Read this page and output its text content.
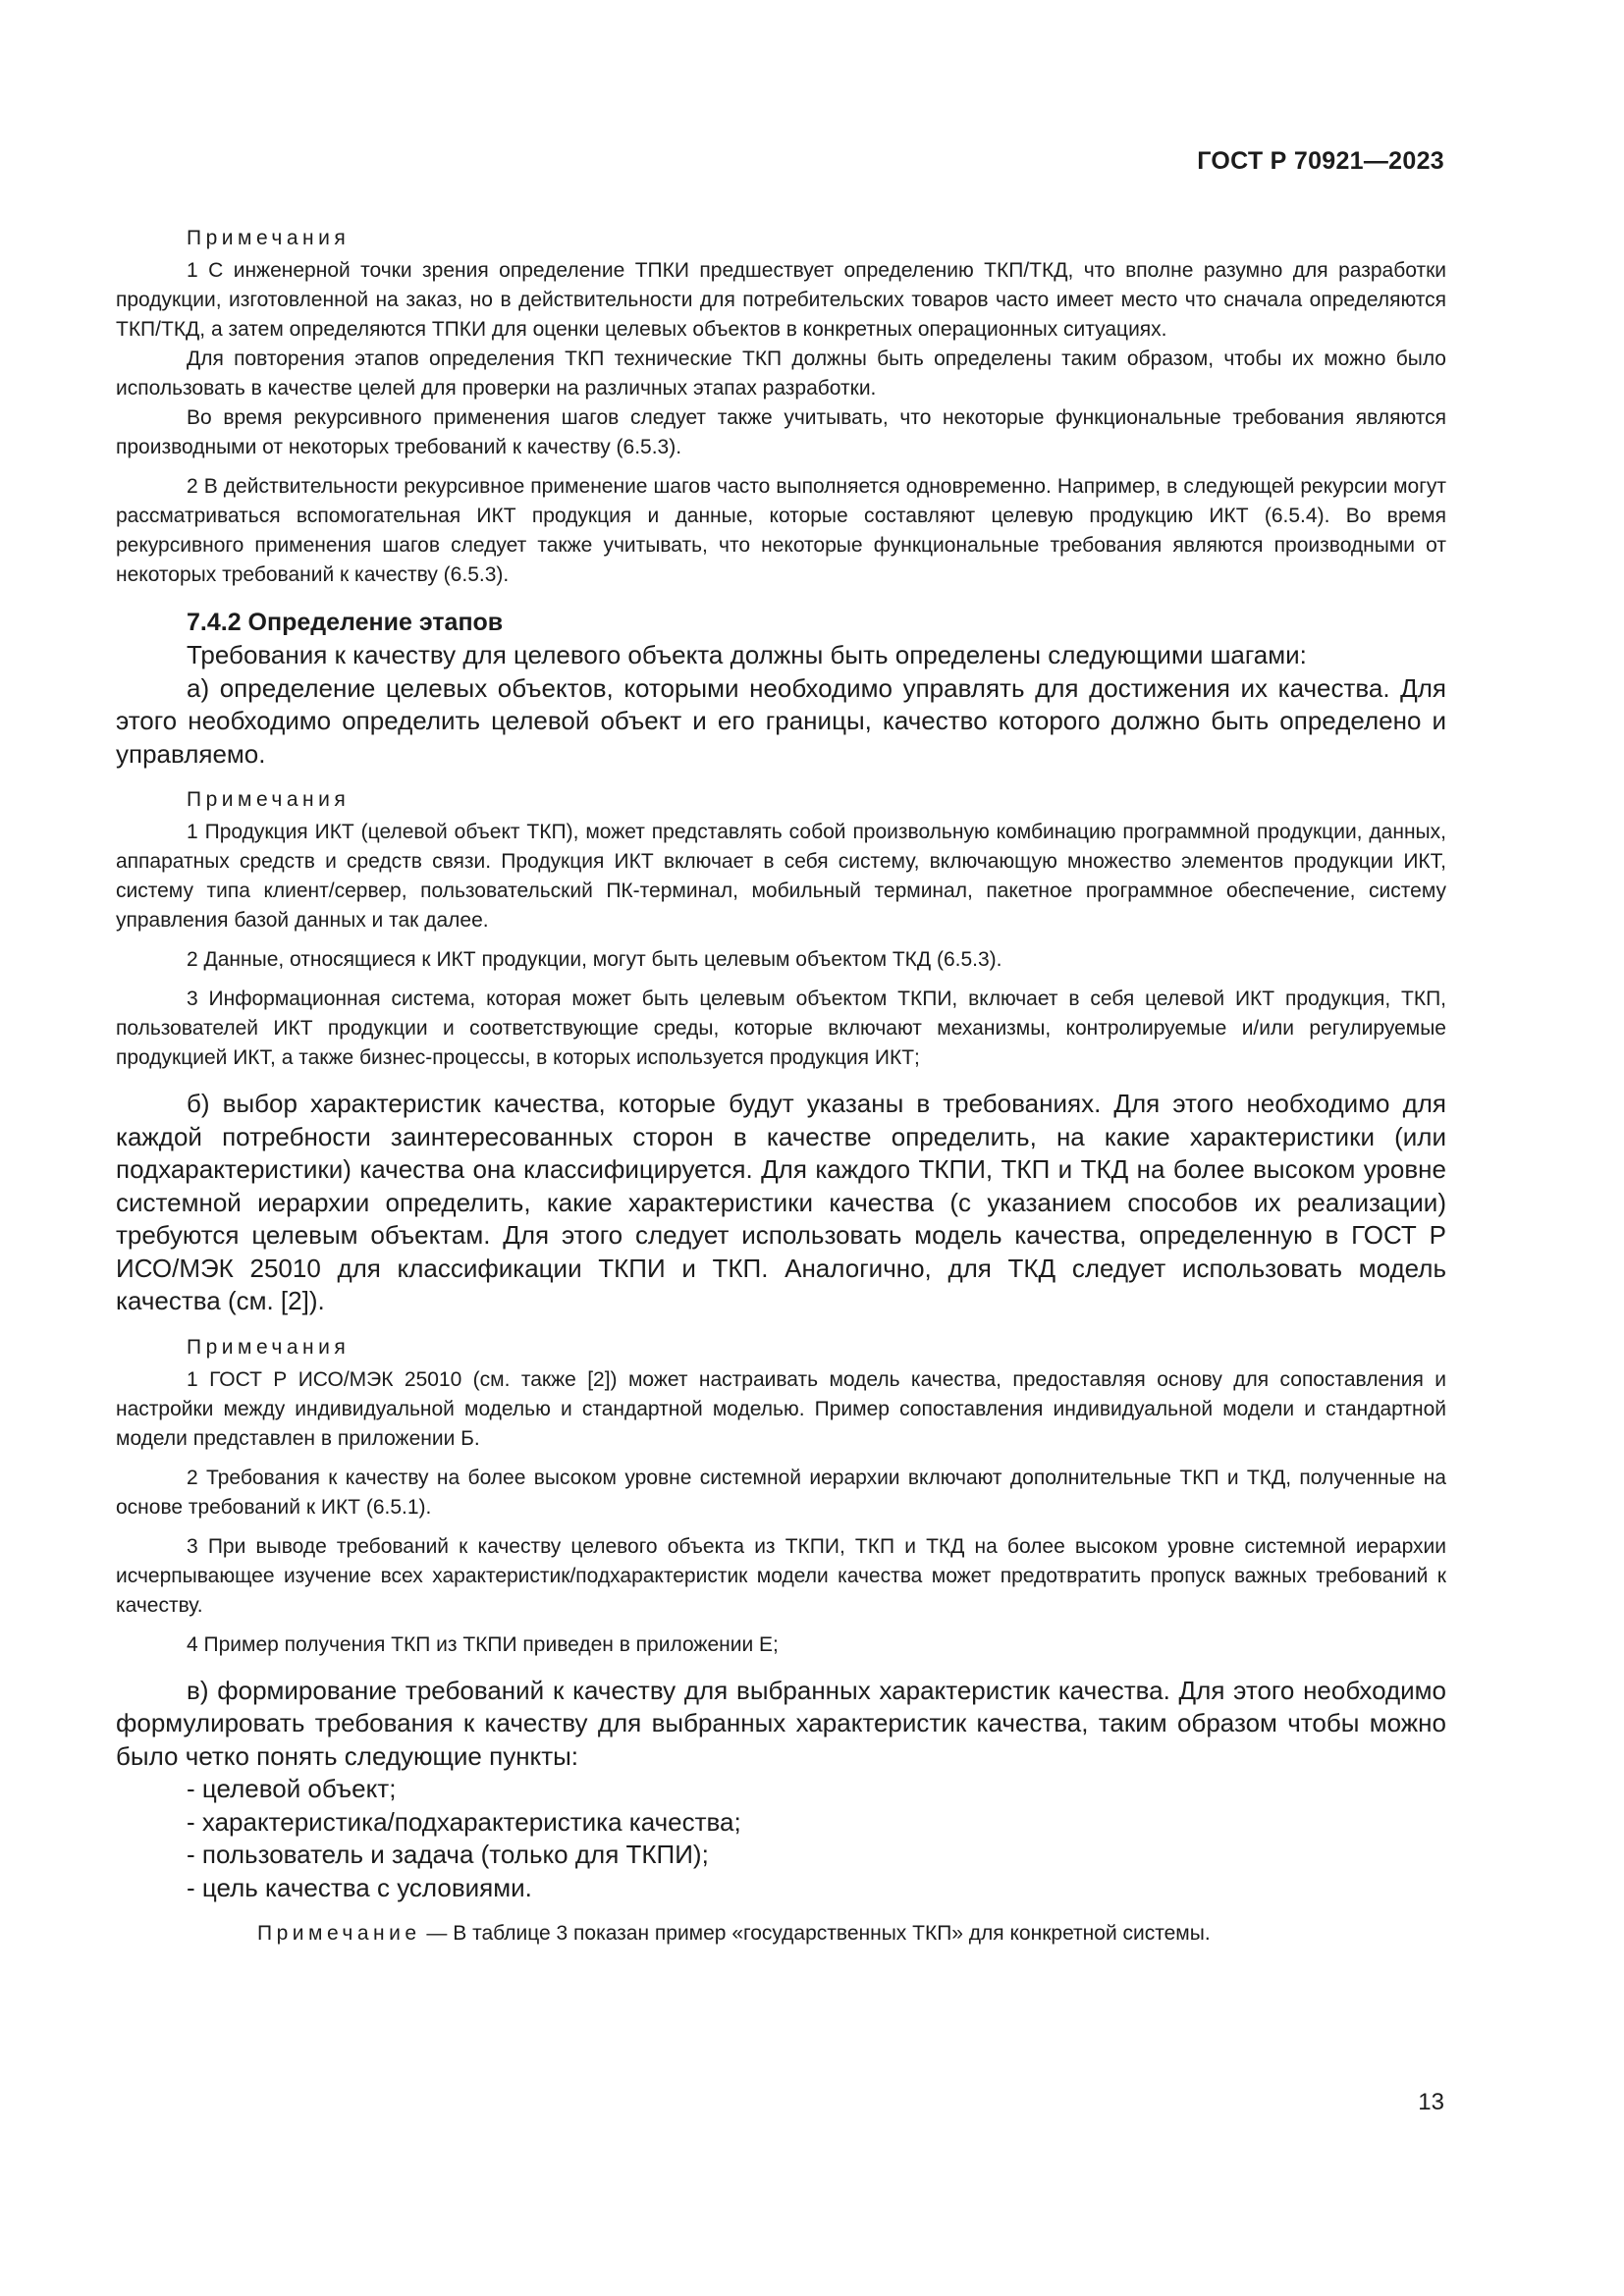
ГОСТ Р 70921—2023
Примечания

1 С инженерной точки зрения определение ТПКИ предшествует определению ТКП/ТКД, что вполне разумно для разработки продукции, изготовленной на заказ, но в действительности для потребительских товаров часто имеет место что сначала определяются ТКП/ТКД, а затем определяются ТПКИ для оценки целевых объектов в конкретных операционных ситуациях.

Для повторения этапов определения ТКП технические ТКП должны быть определены таким образом, чтобы их можно было использовать в качестве целей для проверки на различных этапах разработки.

Во время рекурсивного применения шагов следует также учитывать, что некоторые функциональные требования являются производными от некоторых требований к качеству (6.5.3).

2 В действительности рекурсивное применение шагов часто выполняется одновременно. Например, в следующей рекурсии могут рассматриваться вспомогательная ИКТ продукция и данные, которые составляют целевую продукцию ИКТ (6.5.4). Во время рекурсивного применения шагов следует также учитывать, что некоторые функциональные требования являются производными от некоторых требований к качеству (6.5.3).

7.4.2 Определение этапов

Требования к качеству для целевого объекта должны быть определены следующими шагами:

а) определение целевых объектов, которыми необходимо управлять для достижения их качества. Для этого необходимо определить целевой объект и его границы, качество которого должно быть определено и управляемо.

Примечания

1 Продукция ИКТ (целевой объект ТКП), может представлять собой произвольную комбинацию программной продукции, данных, аппаратных средств и средств связи. Продукция ИКТ включает в себя систему, включающую множество элементов продукции ИКТ, систему типа клиент/сервер, пользовательский ПК-терминал, мобильный терминал, пакетное программное обеспечение, систему управления базой данных и так далее.

2 Данные, относящиеся к ИКТ продукции, могут быть целевым объектом ТКД (6.5.3).

3 Информационная система, которая может быть целевым объектом ТКПИ, включает в себя целевой ИКТ продукция, ТКП, пользователей ИКТ продукции и соответствующие среды, которые включают механизмы, контролируемые и/или регулируемые продукцией ИКТ, а также бизнес-процессы, в которых используется продукция ИКТ;

б) выбор характеристик качества, которые будут указаны в требованиях. Для этого необходимо для каждой потребности заинтересованных сторон в качестве определить, на какие характеристики (или подхарактеристики) качества она классифицируется. Для каждого ТКПИ, ТКП и ТКД на более высоком уровне системной иерархии определить, какие характеристики качества (с указанием способов их реализации) требуются целевым объектам. Для этого следует использовать модель качества, определенную в ГОСТ Р ИСО/МЭК 25010 для классификации ТКПИ и ТКП. Аналогично, для ТКД следует использовать модель качества (см. [2]).

Примечания

1 ГОСТ Р ИСО/МЭК 25010 (см. также [2]) может настраивать модель качества, предоставляя основу для сопоставления и настройки между индивидуальной моделью и стандартной моделью. Пример сопоставления индивидуальной модели и стандартной модели представлен в приложении Б.

2 Требования к качеству на более высоком уровне системной иерархии включают дополнительные ТКП и ТКД, полученные на основе требований к ИКТ (6.5.1).

3 При выводе требований к качеству целевого объекта из ТКПИ, ТКП и ТКД на более высоком уровне системной иерархии исчерпывающее изучение всех характеристик/подхарактеристик модели качества может предотвратить пропуск важных требований к качеству.

4 Пример получения ТКП из ТКПИ приведен в приложении Е;

в) формирование требований к качеству для выбранных характеристик качества. Для этого необходимо формулировать требования к качеству для выбранных характеристик качества, таким образом чтобы можно было четко понять следующие пункты:

- целевой объект;
- характеристика/подхарактеристика качества;
- пользователь и задача (только для ТКПИ);
- цель качества с условиями.

Примечание — В таблице 3 показан пример «государственных ТКП» для конкретной системы.

13
